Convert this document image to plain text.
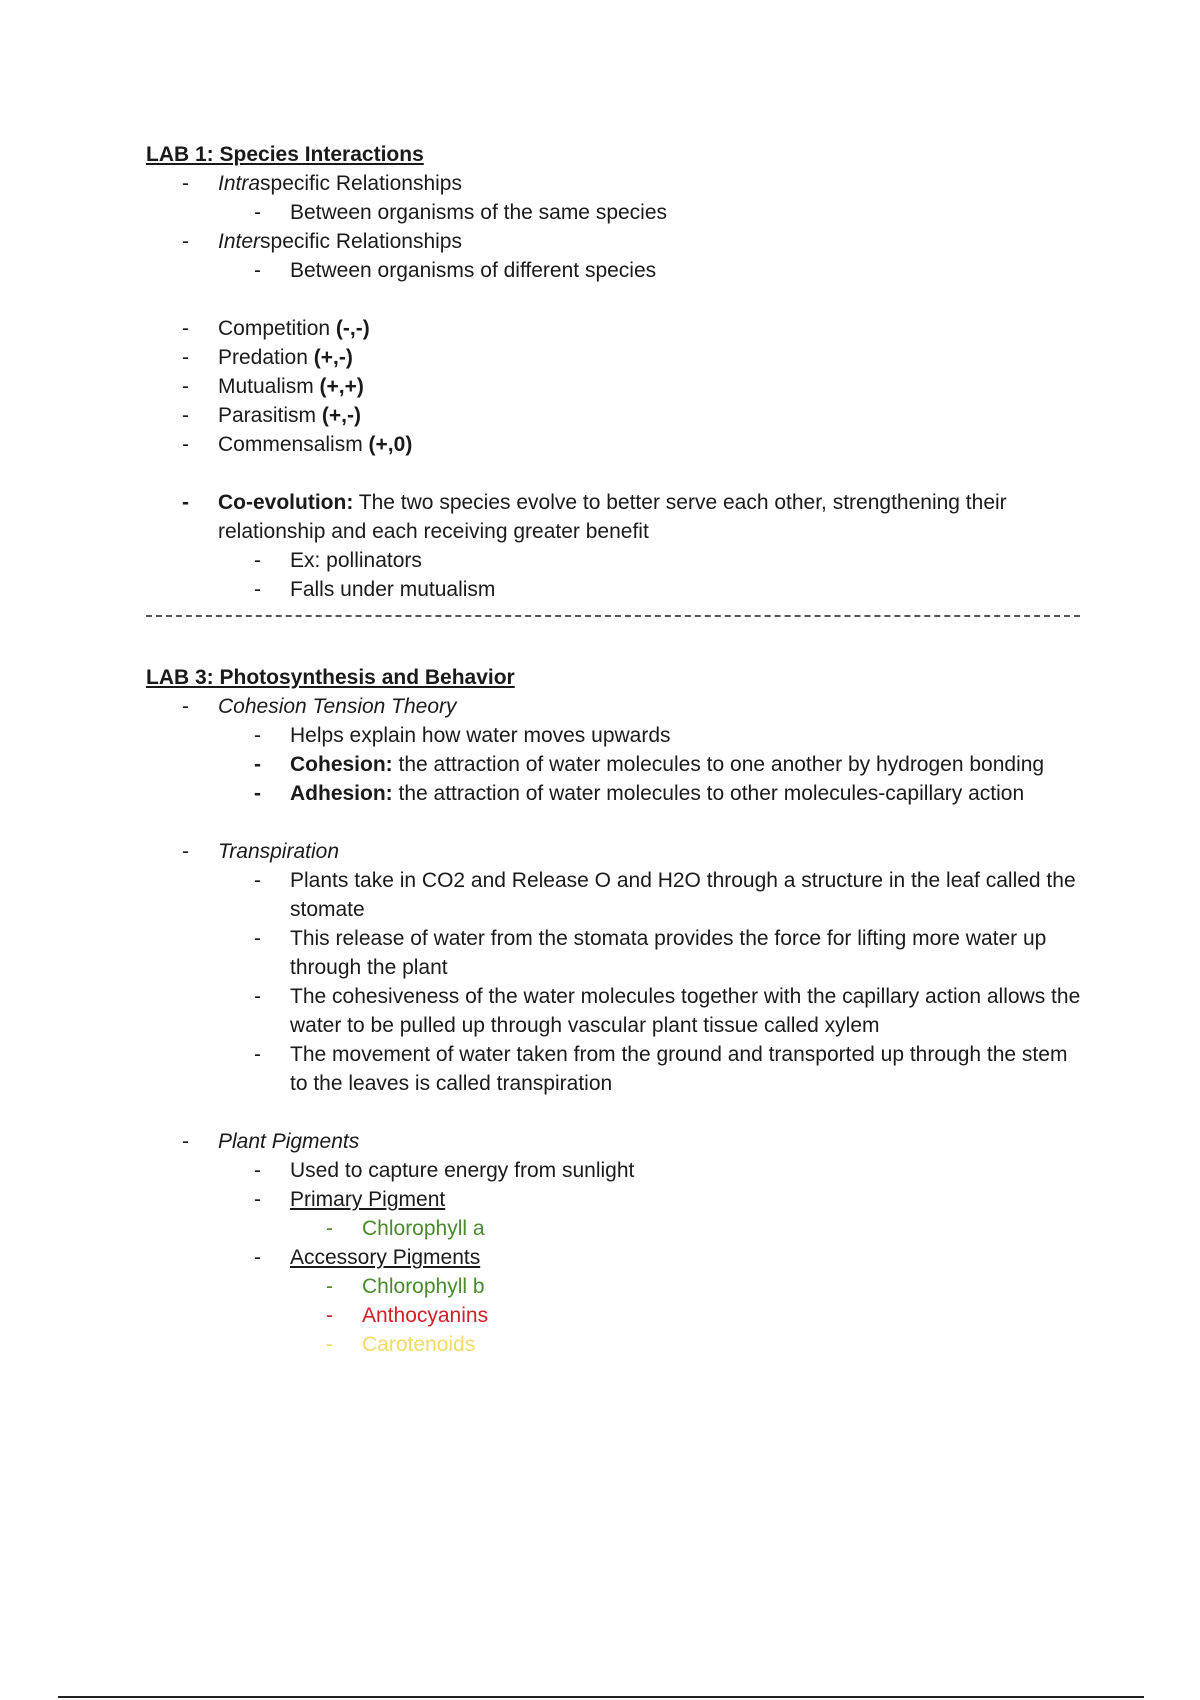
LAB 1: Species Interactions
- Intraspecific Relationships
- Between organisms of the same species
- Interspecific Relationships
- Between organisms of different species
- Competition (-,-)
- Predation (+,-)
- Mutualism (+,+)
- Parasitism (+,-)
- Commensalism (+,0)
- Co-evolution: The two species evolve to better serve each other, strengthening their relationship and each receiving greater benefit
- Ex: pollinators
- Falls under mutualism
LAB 3: Photosynthesis and Behavior
- Cohesion Tension Theory
- Helps explain how water moves upwards
- Cohesion: the attraction of water molecules to one another by hydrogen bonding
- Adhesion: the attraction of water molecules to other molecules-capillary action
- Transpiration
- Plants take in CO2 and Release O and H2O through a structure in the leaf called the stomate
- This release of water from the stomata provides the force for lifting more water up through the plant
- The cohesiveness of the water molecules together with the capillary action allows the water to be pulled up through vascular plant tissue called xylem
- The movement of water taken from the ground and transported up through the stem to the leaves is called transpiration
- Plant Pigments
- Used to capture energy from sunlight
- Primary Pigment
- Chlorophyll a
- Accessory Pigments
- Chlorophyll b
- Anthocyanins
- Carotenoids
